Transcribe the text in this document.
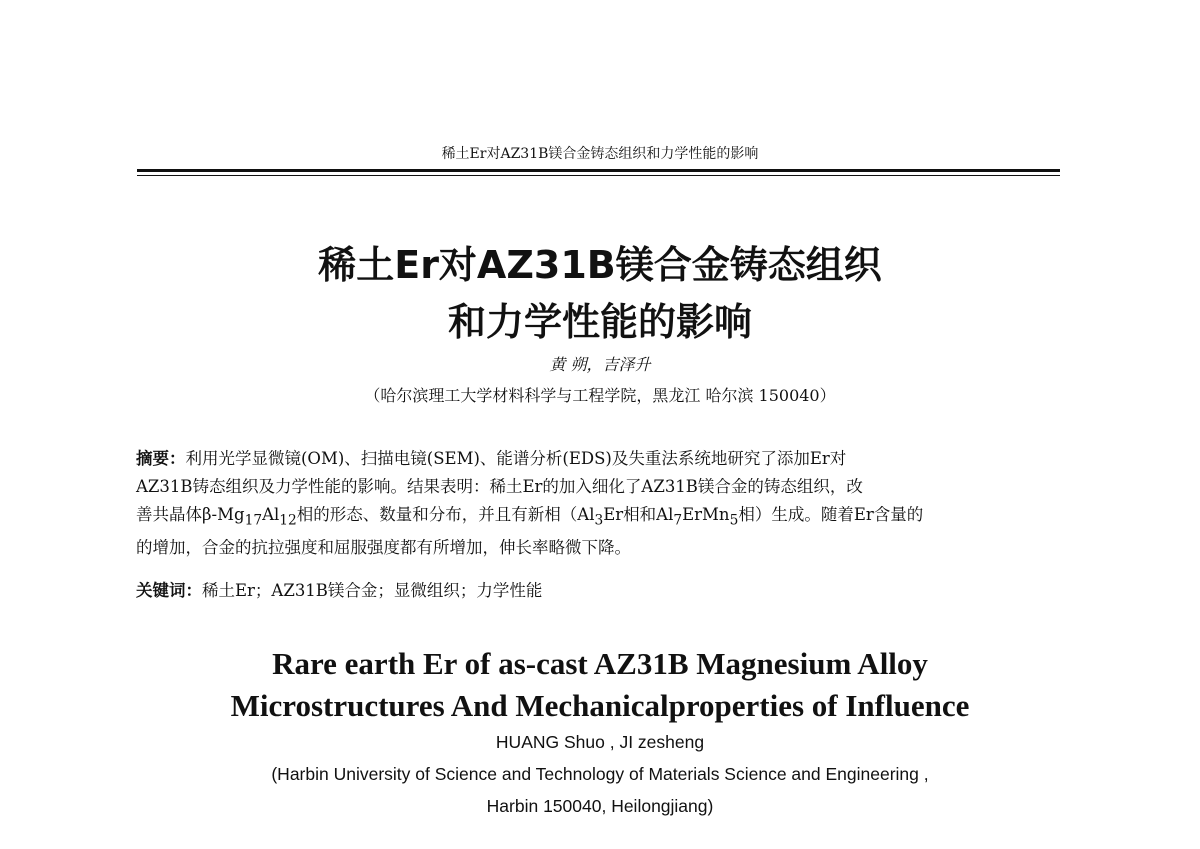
稀土Er对AZ31B镁合金铸态组织和力学性能的影响
稀土Er对AZ31B镁合金铸态组织
和力学性能的影响
黄 朔，吉泽升
（哈尔滨理工大学材料科学与工程学院，黑龙江 哈尔滨 150040）

摘要：利用光学显微镜(OM)、扫描电镜(SEM)、能谱分析(EDS)及失重法系统地研究了添加Er对

AZ31B铸态组织及力学性能的影响。结果表明：稀土Er的加入细化了AZ31B镁合金的铸态组织，改

善共晶体$\beta-Mg_{17}Al_{12}$相的形态、数量和分布，并且有新相（$Al_3Er$相和$Al_7ErMn_5$相）生成。随着Er含量的

的增加，合金的抗拉强度和屈服强度都有所增加，伸长率略微下降。

关键词：稀土Er；AZ31B镁合金；显微组织；力学性能
Rare earth Er of as-cast AZ31B Magnesium Alloy
Microstructures And Mechanicalproperties of Influence
HUANG Shuo , JI zesheng
(Harbin University of Science and Technology of Materials Science and Engineering ,
Harbin 150040, Heilongjiang)
